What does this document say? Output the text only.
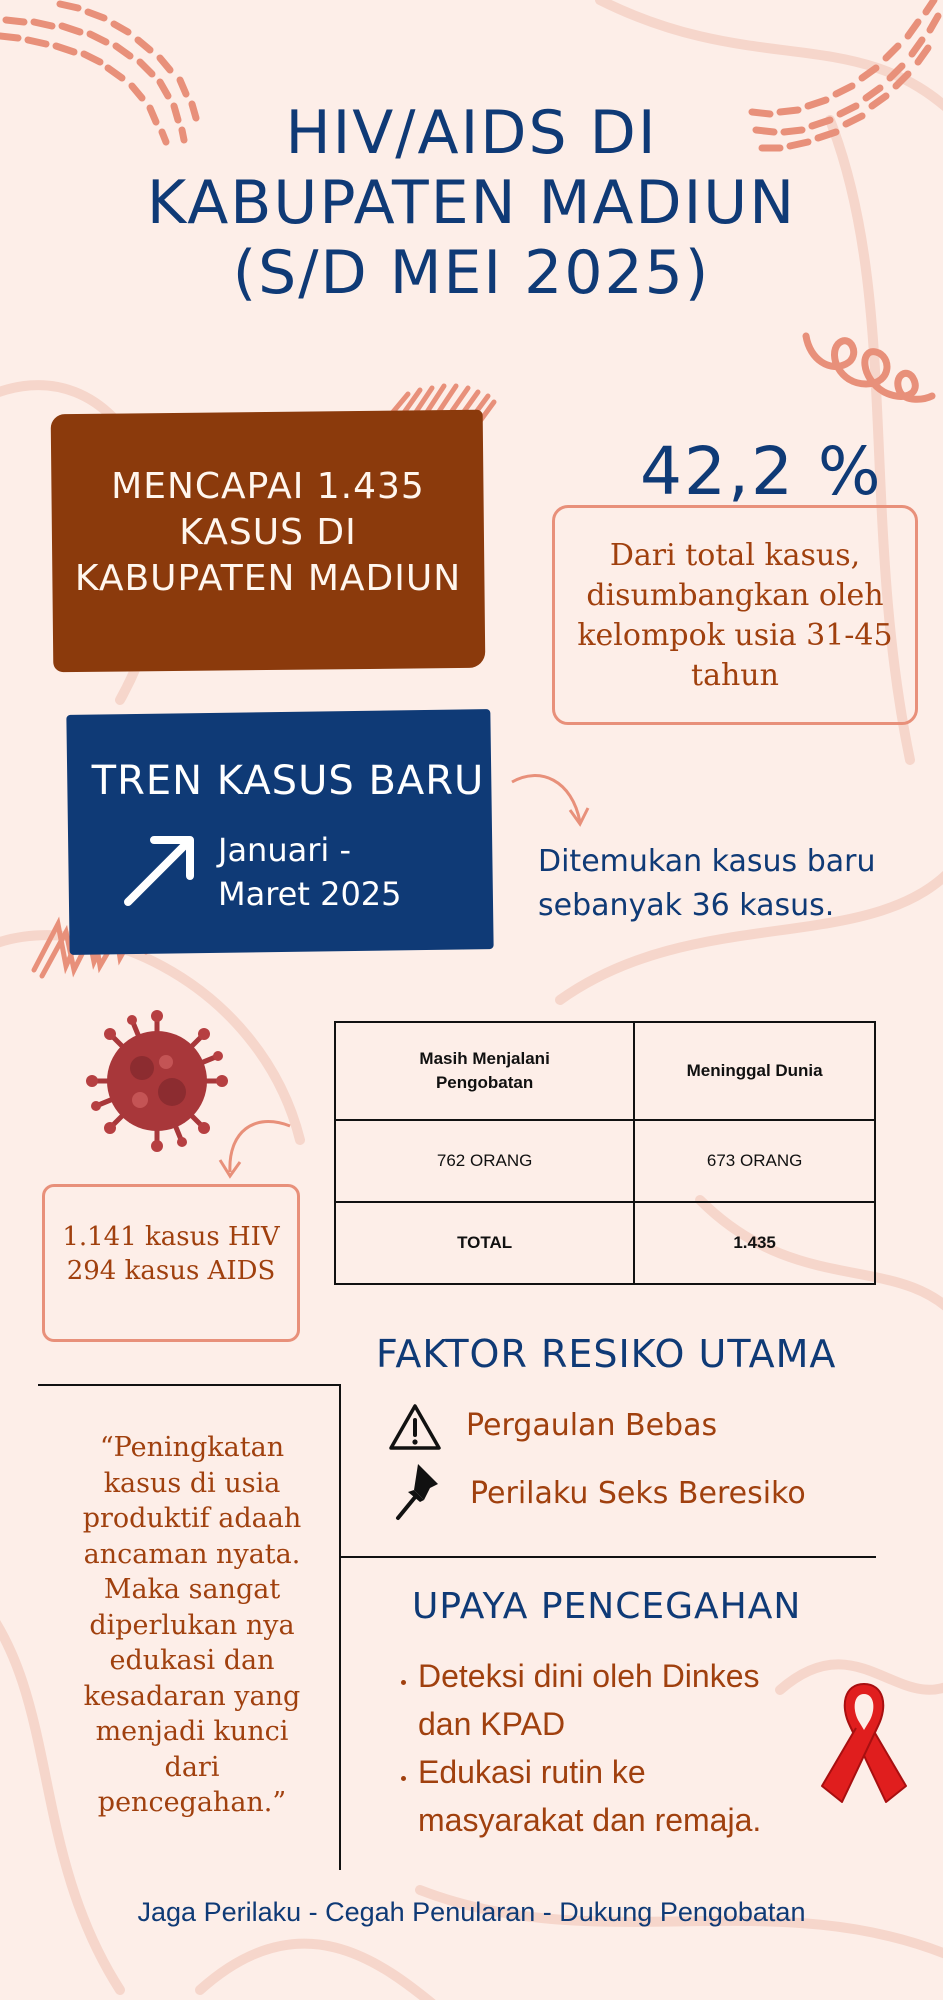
HIV/AIDS DI
KABUPATEN MADIUN
(S/D MEI 2025)
MENCAPAI 1.435
KASUS DI
KABUPATEN MADIUN
42,2 %
Dari total kasus,
disumbangkan oleh
kelompok usia 31-45
tahun
TREN KASUS BARU
Januari -
Maret 2025
Ditemukan kasus baru
sebanyak 36 kasus.
1.141 kasus HIV
294 kasus AIDS
Masih Menjalani Pengobatan	Meninggal Dunia
762 ORANG	673 ORANG
TOTAL	1.435
FAKTOR RESIKO UTAMA
Pergaulan Bebas
Perilaku Seks Beresiko
“Peningkatan
kasus di usia
produktif adaah
ancaman nyata.
Maka sangat
diperlukan nya
edukasi dan
kesadaran yang
menjadi kunci
dari
pencegahan.”
UPAYA PENCEGAHAN
• Deteksi dini oleh Dinkes
dan KPAD
• Edukasi rutin ke
masyarakat dan remaja.
Jaga Perilaku - Cegah Penularan - Dukung Pengobatan
